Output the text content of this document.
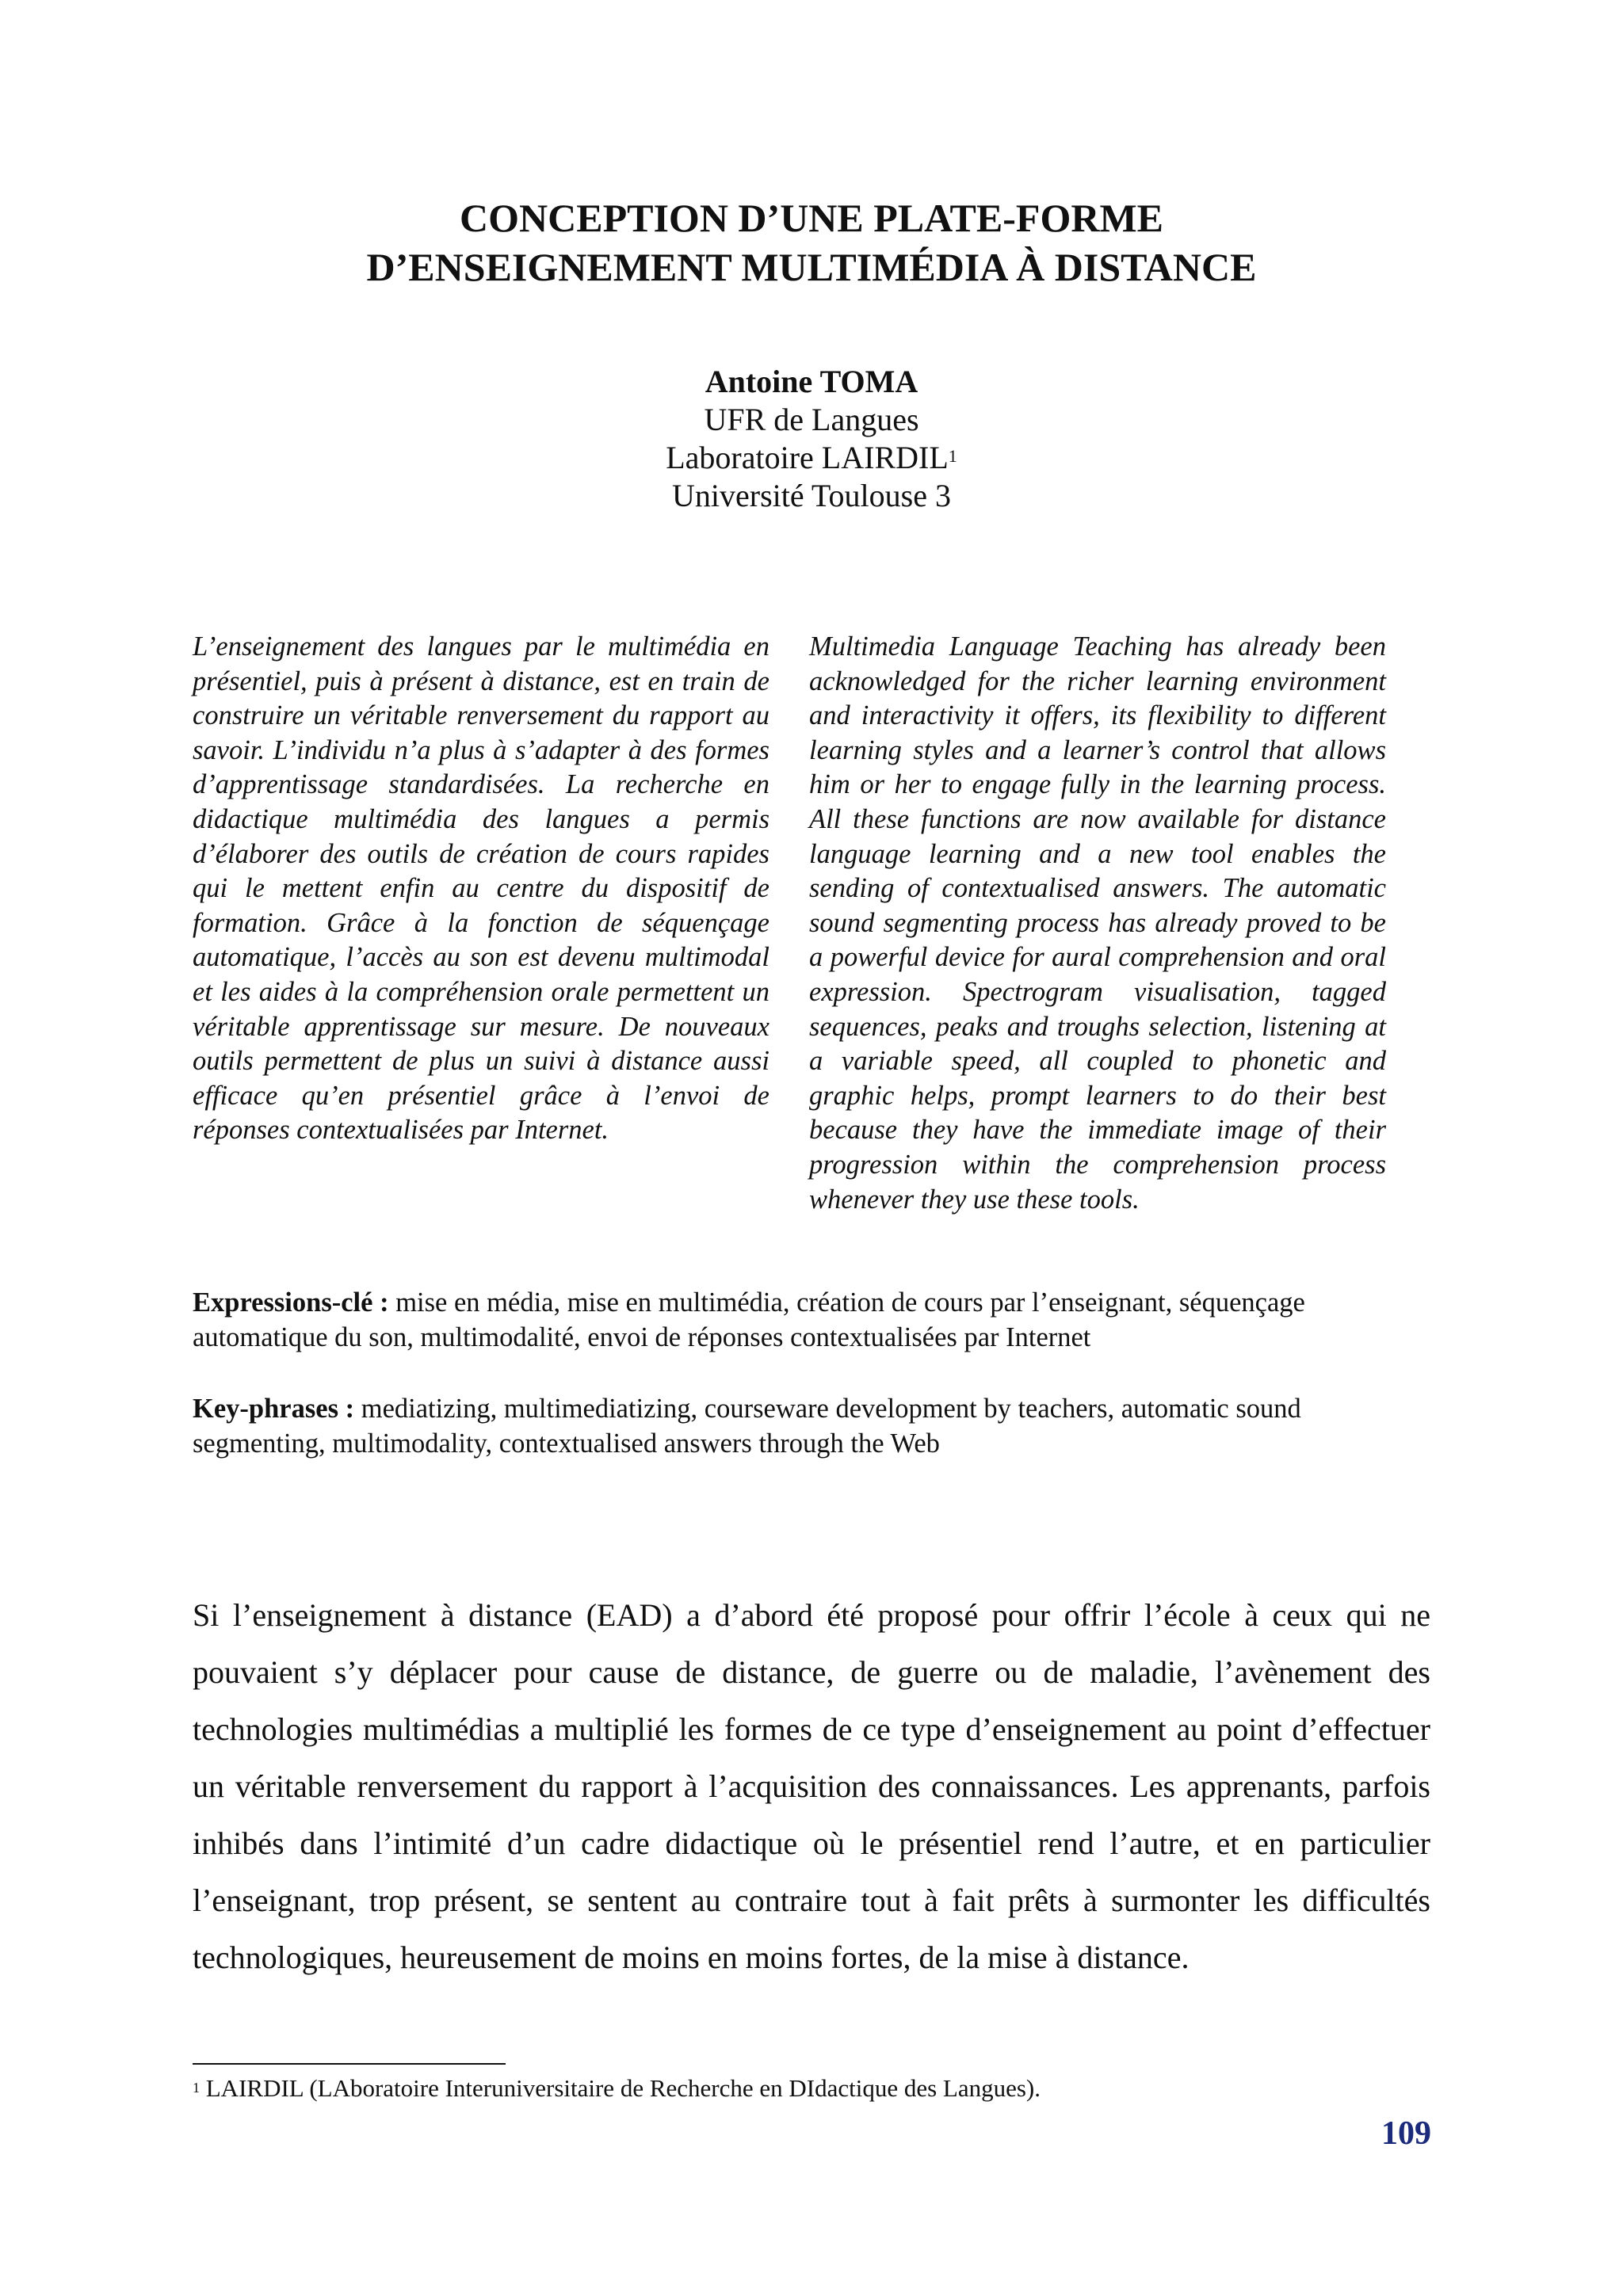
CONCEPTION D’UNE PLATE-FORME
D’ENSEIGNEMENT MULTIMÉDIA À DISTANCE
Antoine TOMA
UFR de Langues
Laboratoire LAIRDIL$^1$
Université Toulouse 3

L’enseignement des langues par le multimédia en présentiel, puis à présent à distance, est en train de construire un véritable renversement du rapport au savoir. L’individu n’a plus à s’adapter à des formes d’apprentissage standardisées. La recherche en didactique multimédia des langues a permis d’élaborer des outils de création de cours rapides qui le mettent enfin au centre du dispositif de formation. Grâce à la fonction de séquençage automatique, l’accès au son est devenu multimodal et les aides à la compréhension orale permettent un véritable apprentissage sur mesure. De nouveaux outils permettent de plus un suivi à distance aussi efficace qu’en présentiel grâce à l’envoi de réponses contextualisées par Internet.

Multimedia Language Teaching has already been acknowledged for the richer learning environment and interactivity it offers, its flexibility to different learning styles and a learner’s control that allows him or her to engage fully in the learning process. All these functions are now available for distance language learning and a new tool enables the sending of contextualised answers. The automatic sound segmenting process has already proved to be a powerful device for aural comprehension and oral expression. Spectrogram visualisation, tagged sequences, peaks and troughs selection, listening at a variable speed, all coupled to phonetic and graphic helps, prompt learners to do their best because they have the immediate image of their progression within the comprehension process whenever they use these tools.

Expressions-clé : mise en média, mise en multimédia, création de cours par l’enseignant, séquençage automatique du son, multimodalité, envoi de réponses contextualisées par Internet

Key-phrases : mediatizing, multimediatizing, courseware development by teachers, automatic sound segmenting, multimodality, contextualised answers through the Web

Si l’enseignement à distance (EAD) a d’abord été proposé pour offrir l’école à ceux qui ne pouvaient s’y déplacer pour cause de distance, de guerre ou de maladie, l’avènement des technologies multimédias a multiplié les formes de ce type d’enseignement au point d’effectuer un véritable renversement du rapport à l’acquisition des connaissances. Les apprenants, parfois inhibés dans l’intimité d’un cadre didactique où le présentiel rend l’autre, et en particulier l’enseignant, trop présent, se sentent au contraire tout à fait prêts à surmonter les difficultés technologiques, heureusement de moins en moins fortes, de la mise à distance.

$^1$ LAIRDIL (LAboratoire Interuniversitaire de Recherche en DIdactique des Langues).

109
